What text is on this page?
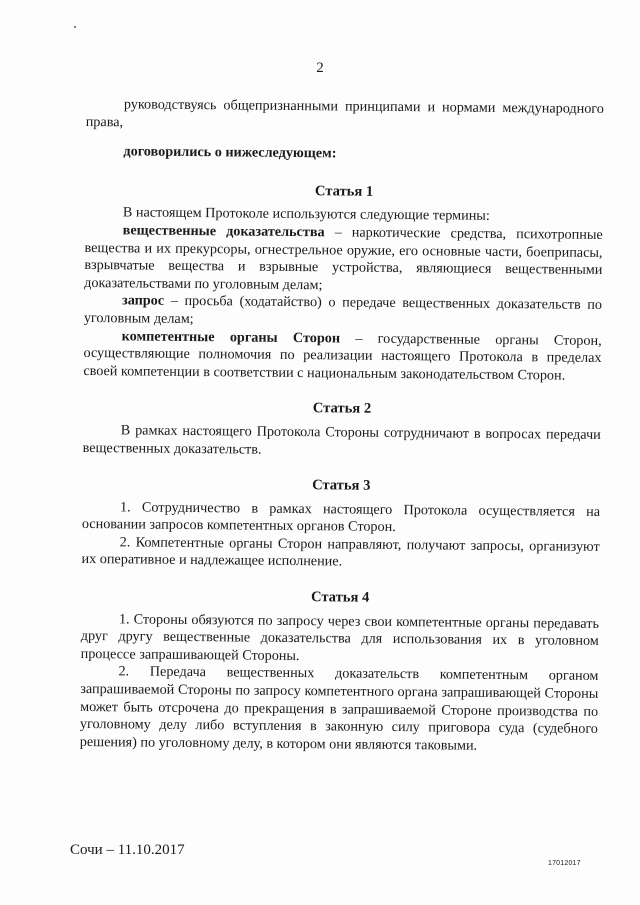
2

руководствуясь общепризнанными принципами и нормами международного права,

договорились о нижеследующем:

Статья 1

В настоящем Протоколе используются следующие термины:

вещественные доказательства – наркотические средства, психотропные вещества и их прекурсоры, огнестрельное оружие, его основные части, боеприпасы, взрывчатые вещества и взрывные устройства, являющиеся вещественными доказательствами по уголовным делам;

запрос – просьба (ходатайство) о передаче вещественных доказательств по уголовным делам;

компетентные органы Сторон – государственные органы Сторон, осуществляющие полномочия по реализации настоящего Протокола в пределах своей компетенции в соответствии с национальным законодательством Сторон.

Статья 2

В рамках настоящего Протокола Стороны сотрудничают в вопросах передачи вещественных доказательств.

Статья 3

1. Сотрудничество в рамках настоящего Протокола осуществляется на основании запросов компетентных органов Сторон.

2. Компетентные органы Сторон направляют, получают запросы, организуют их оперативное и надлежащее исполнение.

Статья 4

1. Стороны обязуются по запросу через свои компетентные органы передавать друг другу вещественные доказательства для использования их в уголовном процессе запрашивающей Стороны.

2. Передача вещественных доказательств компетентным органом запрашиваемой Стороны по запросу компетентного органа запрашивающей Стороны может быть отсрочена до прекращения в запрашиваемой Стороне производства по уголовному делу либо вступления в законную силу приговора суда (судебного решения) по уголовному делу, в котором они являются таковыми.

Сочи – 11.10.2017
17012017
